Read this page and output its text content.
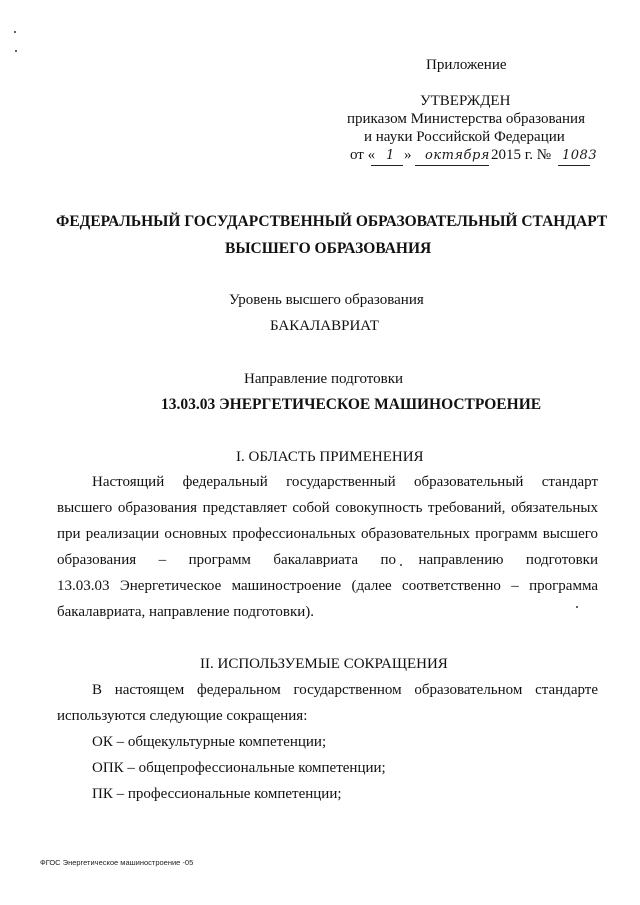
Приложение
УТВЕРЖДЕН
приказом Министерства образования
и науки Российской Федерации
от « 1 » октября 2015 г. № 1083
ФЕДЕРАЛЬНЫЙ ГОСУДАРСТВЕННЫЙ ОБРАЗОВАТЕЛЬНЫЙ СТАНДАРТ
ВЫСШЕГО ОБРАЗОВАНИЯ
Уровень высшего образования
БАКАЛАВРИАТ
Направление подготовки
13.03.03 ЭНЕРГЕТИЧЕСКОЕ МАШИНОСТРОЕНИЕ
I. ОБЛАСТЬ ПРИМЕНЕНИЯ
Настоящий федеральный государственный образовательный стандарт
высшего образования представляет собой совокупность требований, обязательных
при реализации основных профессиональных образовательных программ высшего
образования – программ бакалавриата по направлению подготовки
13.03.03 Энергетическое машиностроение (далее соответственно – программа
бакалавриата, направление подготовки).
II. ИСПОЛЬЗУЕМЫЕ СОКРАЩЕНИЯ
В настоящем федеральном государственном образовательном стандарте
используются следующие сокращения:
ОК – общекультурные компетенции;
ОПК – общепрофессиональные компетенции;
ПК – профессиональные компетенции;
ФГОС Энергетическое машиностроение -05
